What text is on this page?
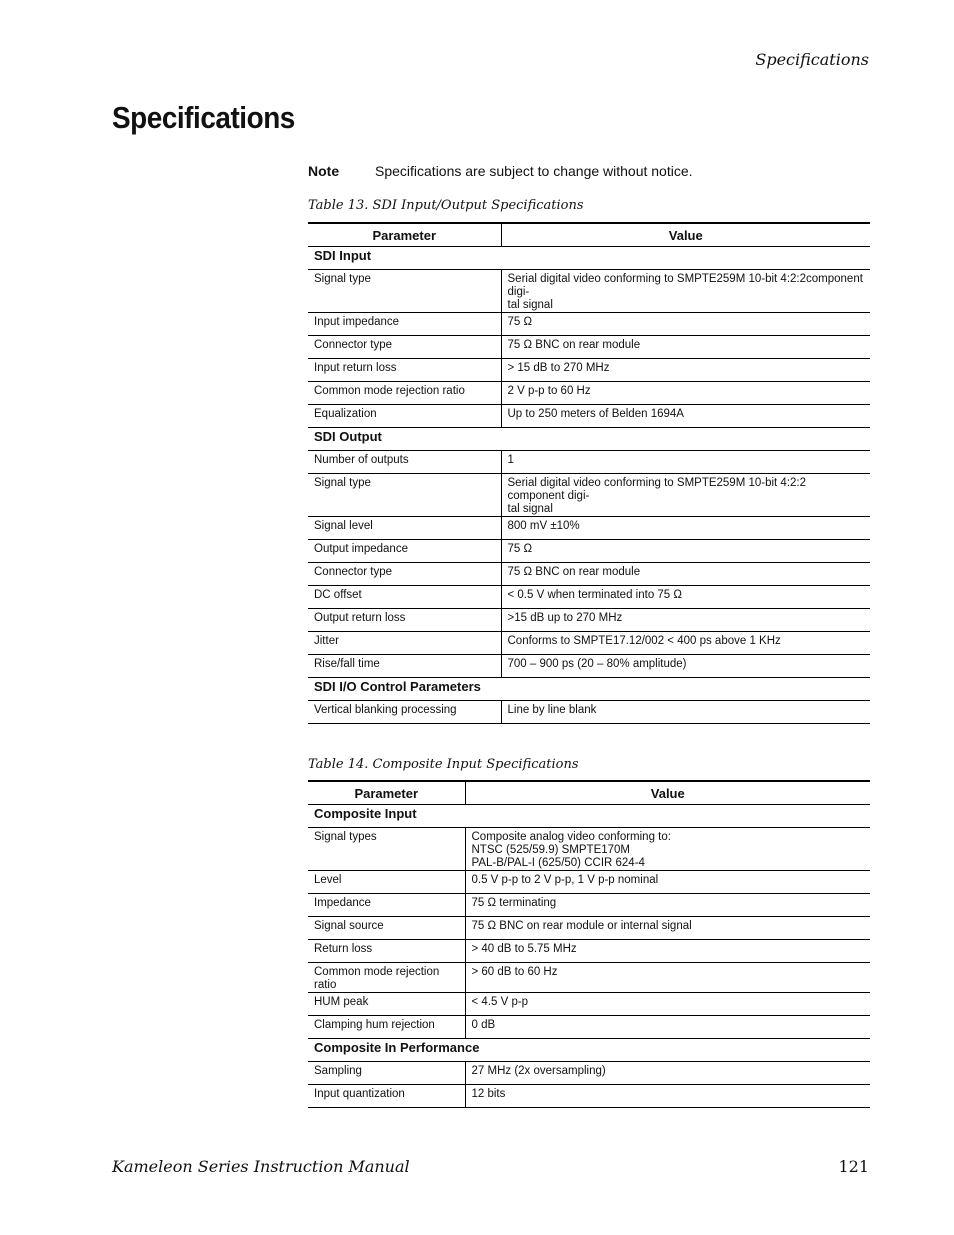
Specifications
Specifications
Note	Specifications are subject to change without notice.
Table 13. SDI Input/Output Specifications
Parameter	Value
SDI Input	
Signal type	Serial digital video conforming to SMPTE259M 10-bit 4:2:2component digi-
tal signal
Input impedance	75 Ω
Connector type	75 Ω BNC on rear module
Input return loss	> 15 dB to 270 MHz
Common mode rejection ratio	2 V p-p to 60 Hz
Equalization	Up to 250 meters of Belden 1694A
SDI Output	
Number of outputs	1
Signal type	Serial digital video conforming to SMPTE259M 10-bit 4:2:2 component digi-
tal signal
Signal level	800 mV ±10%
Output impedance	75 Ω
Connector type	75 Ω BNC on rear module
DC offset	< 0.5 V when terminated into 75 Ω
Output return loss	>15 dB up to 270 MHz
Jitter	Conforms to SMPTE17.12/002 < 400 ps above 1 KHz
Rise/fall time	700 – 900 ps (20 – 80% amplitude)
SDI I/O Control Parameters	
Vertical blanking processing	Line by line blank
Table 14. Composite Input Specifications
Parameter	Value
Composite Input	
Signal types	Composite analog video conforming to:
NTSC (525/59.9) SMPTE170M
PAL-B/PAL-I (625/50) CCIR 624-4
Level	0.5 V p-p to 2 V p-p, 1 V p-p nominal
Impedance	75 Ω terminating
Signal source	75 Ω BNC on rear module or internal signal
Return loss	> 40 dB to 5.75 MHz
Common mode rejection ratio	> 60 dB to 60 Hz
HUM peak	< 4.5 V p-p
Clamping hum rejection	0 dB
Composite In Performance	
Sampling	27 MHz (2x oversampling)
Input quantization	12 bits
Kameleon Series Instruction Manual	121
